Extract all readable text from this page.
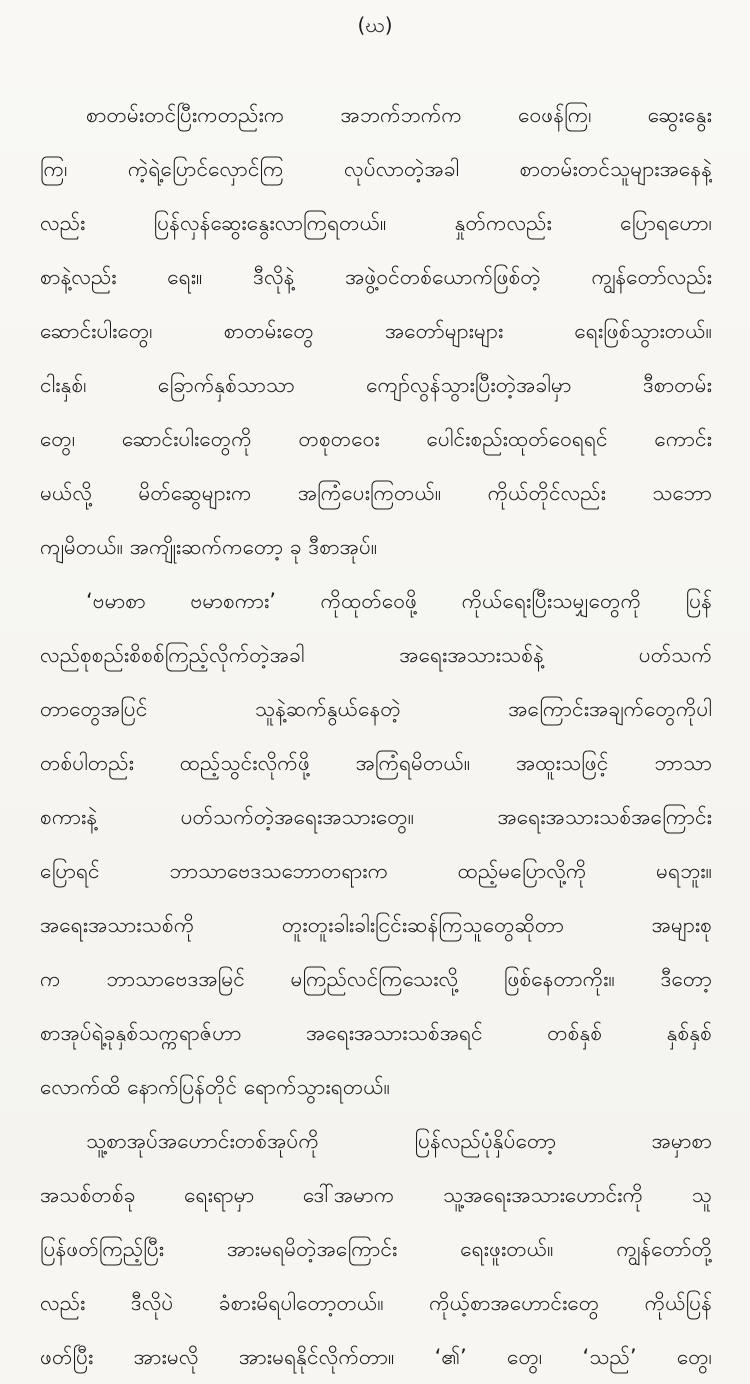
(ဃ)
စာတမ်းတင်ပြီးကတည်းက အဘက်ဘက်က ဝေဖန်ကြ၊ ဆွေးနွေး
ကြ၊ ကဲ့ရဲ့ပြောင်လှောင်ကြ လုပ်လာတဲ့အခါ စာတမ်းတင်သူများအနေနဲ့
လည်း ပြန်လှန်ဆွေးနွေးလာကြရတယ်။ နှုတ်ကလည်း ပြောရဟော၊
စာနဲ့လည်း ရေး။ ဒီလိုနဲ့ အဖွဲ့ဝင်တစ်ယောက်ဖြစ်တဲ့ ကျွန်တော်လည်း
ဆောင်းပါးတွေ၊ စာတမ်းတွေ အတော်များများ ရေးဖြစ်သွားတယ်။
ငါးနှစ်၊ ခြောက်နှစ်သာသာ ကျော်လွန်သွားပြီးတဲ့အခါမှာ ဒီစာတမ်း
တွေ၊ ဆောင်းပါးတွေကို တစုတဝေး ပေါင်းစည်းထုတ်ဝေရရင် ကောင်း
မယ်လို့ မိတ်ဆွေများက အကြံပေးကြတယ်။ ကိုယ်တိုင်လည်း သဘော
ကျမိတယ်။ အကျိုးဆက်ကတော့ ခု ဒီစာအုပ်။
‘ဗမာစာ ဗမာစကား’ ကိုထုတ်ဝေဖို့ ကိုယ်ရေးပြီးသမျှတွေကို ပြန်
လည်စုစည်းစိစစ်ကြည့်လိုက်တဲ့အခါ အရေးအသားသစ်နဲ့ ပတ်သက်
တာတွေအပြင် သူနဲ့ဆက်နွယ်နေတဲ့ အကြောင်းအချက်တွေကိုပါ
တစ်ပါတည်း ထည့်သွင်းလိုက်ဖို့ အကြံရမိတယ်။ အထူးသဖြင့် ဘာသာ
စကားနဲ့ ပတ်သက်တဲ့အရေးအသားတွေ။ အရေးအသားသစ်အကြောင်း
ပြောရင် ဘာသာဗေဒသဘောတရားက ထည့်မပြောလို့ကို မရဘူး။
အရေးအသားသစ်ကို တူးတူးခါးခါးငြင်းဆန်ကြသူတွေဆိုတာ အများစု
က ဘာသာဗေဒအမြင် မကြည်လင်ကြသေးလို့ ဖြစ်နေတာကိုး။ ဒီတော့
စာအုပ်ရဲ့ခုနှစ်သက္ကရာဇ်ဟာ အရေးအသားသစ်အရင် တစ်နှစ် နှစ်နှစ်
လောက်ထိ နောက်ပြန်တိုင် ရောက်သွားရတယ်။
သူ့စာအုပ်အဟောင်းတစ်အုပ်ကို ပြန်လည်ပုံနှိပ်တော့ အမှာစာ
အသစ်တစ်ခု ရေးရာမှာ ဒေါ်အမာက သူ့အရေးအသားဟောင်းကို သူ
ပြန်ဖတ်ကြည့်ပြီး အားမရမိတဲ့အကြောင်း ရေးဖူးတယ်။ ကျွန်တော်တို့
လည်း ဒီလိုပဲ ခံစားမိရပါတော့တယ်။ ကိုယ့်စာအဟောင်းတွေ ကိုယ်ပြန်
ဖတ်ပြီး အားမလို အားမရနိုင်လိုက်တာ။ ‘၏’ တွေ၊ ‘သည်’ တွေ၊
